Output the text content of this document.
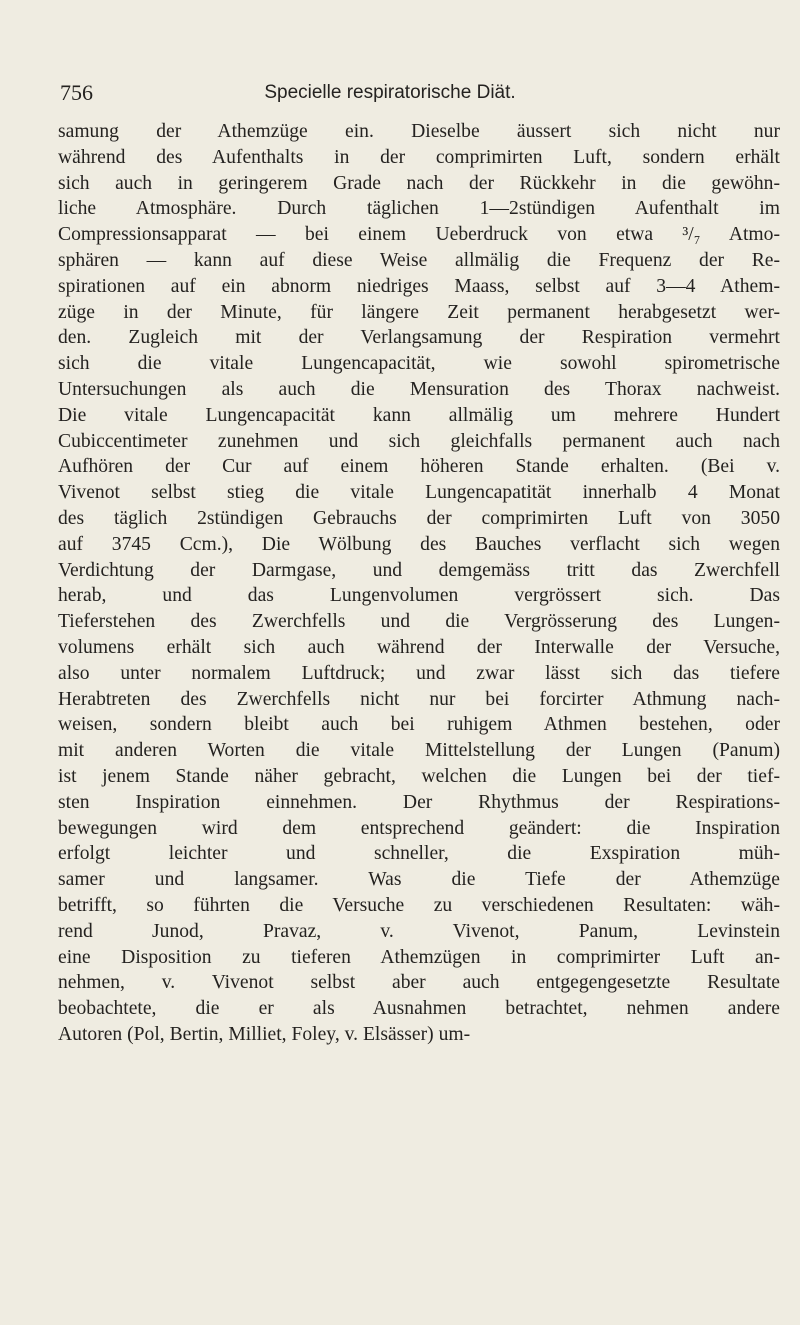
756	Specielle respiratorische Diät.
samung der Athemzüge ein. Dieselbe äussert sich nicht nur
während des Aufenthalts in der comprimirten Luft, sondern erhält
sich auch in geringerem Grade nach der Rückkehr in die gewöhn-
liche Atmosphäre. Durch täglichen 1—2stündigen Aufenthalt im
Compressionsapparat — bei einem Ueberdruck von etwa ³/₇ Atmo-
sphären — kann auf diese Weise allmälig die Frequenz der Re-
spirationen auf ein abnorm niedriges Maass, selbst auf 3—4 Athem-
züge in der Minute, für längere Zeit permanent herabgesetzt wer-
den. Zugleich mit der Verlangsamung der Respiration vermehrt
sich die vitale Lungencapacität, wie sowohl spirometrische
Untersuchungen als auch die Mensuration des Thorax nachweist.
Die vitale Lungencapacität kann allmälig um mehrere Hundert
Cubiccentimeter zunehmen und sich gleichfalls permanent auch nach
Aufhören der Cur auf einem höheren Stande erhalten. (Bei v.
Vivenot selbst stieg die vitale Lungencapatität innerhalb 4 Monat
des täglich 2stündigen Gebrauchs der comprimirten Luft von 3050
auf 3745 Ccm.), Die Wölbung des Bauches verflacht sich wegen
Verdichtung der Darmgase, und demgemäss tritt das Zwerchfell
herab, und das Lungenvolumen vergrössert sich. Das
Tieferstehen des Zwerchfells und die Vergrösserung des Lungen-
volumens erhält sich auch während der Interwalle der Versuche,
also unter normalem Luftdruck; und zwar lässt sich das tiefere
Herabtreten des Zwerchfells nicht nur bei forcirter Athmung nach-
weisen, sondern bleibt auch bei ruhigem Athmen bestehen, oder
mit anderen Worten die vitale Mittelstellung der Lungen (Panum)
ist jenem Stande näher gebracht, welchen die Lungen bei der tief-
sten Inspiration einnehmen. Der Rhythmus der Respirations-
bewegungen wird dem entsprechend geändert: die Inspiration
erfolgt leichter und schneller, die Exspiration müh-
samer und langsamer. Was die Tiefe der Athemzüge
betrifft, so führten die Versuche zu verschiedenen Resultaten: wäh-
rend Junod, Pravaz, v. Vivenot, Panum, Levinstein
eine Disposition zu tieferen Athemzügen in comprimirter Luft an-
nehmen, v. Vivenot selbst aber auch entgegengesetzte Resultate
beobachtete, die er als Ausnahmen betrachtet, nehmen andere
Autoren (Pol, Bertin, Milliet, Foley, v. Elsässer) um-
